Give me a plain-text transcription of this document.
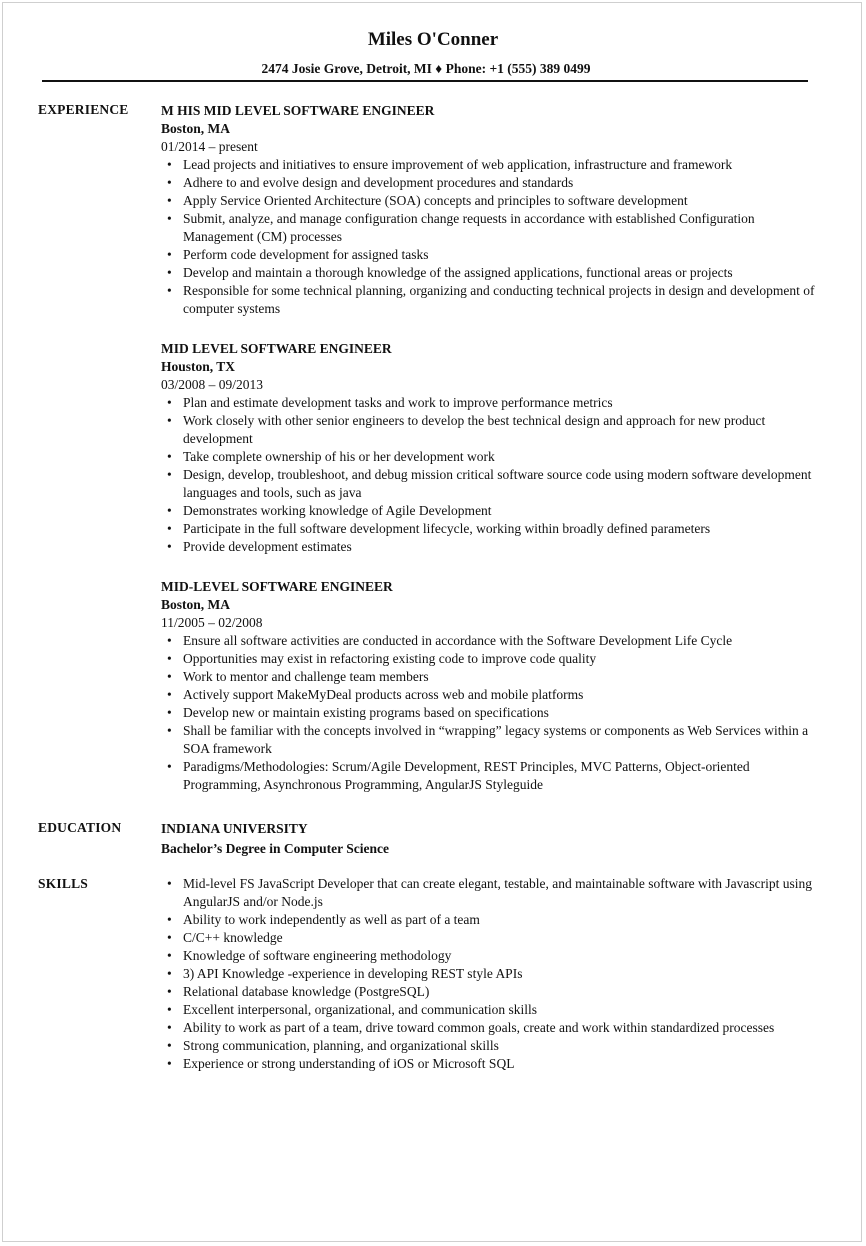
Miles O'Conner
2474 Josie Grove, Detroit, MI ♦ Phone: +1 (555) 389 0499
EXPERIENCE M HIS MID LEVEL SOFTWARE ENGINEER
Boston, MA
01/2014 – present
• Lead projects and initiatives to ensure improvement of web application, infrastructure and framework
• Adhere to and evolve design and development procedures and standards
• Apply Service Oriented Architecture (SOA) concepts and principles to software development
• Submit, analyze, and manage configuration change requests in accordance with established Configuration Management (CM) processes
• Perform code development for assigned tasks
• Develop and maintain a thorough knowledge of the assigned applications, functional areas or projects
• Responsible for some technical planning, organizing and conducting technical projects in design and development of computer systems
MID LEVEL SOFTWARE ENGINEER
Houston, TX
03/2008 – 09/2013
• Plan and estimate development tasks and work to improve performance metrics
• Work closely with other senior engineers to develop the best technical design and approach for new product development
• Take complete ownership of his or her development work
• Design, develop, troubleshoot, and debug mission critical software source code using modern software development languages and tools, such as java
• Demonstrates working knowledge of Agile Development
• Participate in the full software development lifecycle, working within broadly defined parameters
• Provide development estimates
MID-LEVEL SOFTWARE ENGINEER
Boston, MA
11/2005 – 02/2008
• Ensure all software activities are conducted in accordance with the Software Development Life Cycle
• Opportunities may exist in refactoring existing code to improve code quality
• Work to mentor and challenge team members
• Actively support MakeMyDeal products across web and mobile platforms
• Develop new or maintain existing programs based on specifications
• Shall be familiar with the concepts involved in “wrapping” legacy systems or components as Web Services within a SOA framework
• Paradigms/Methodologies: Scrum/Agile Development, REST Principles, MVC Patterns, Object-oriented Programming, Asynchronous Programming, AngularJS Styleguide
EDUCATION	INDIANA UNIVERSITY
Bachelor’s Degree in Computer Science
SKILLS
•	Mid-level FS JavaScript Developer that can create elegant, testable, and maintainable software with Javascript using AngularJS and/or Node.js
• Ability to work independently as well as part of a team
• C/C++ knowledge
• Knowledge of software engineering methodology
• 3) API Knowledge -experience in developing REST style APIs
• Relational database knowledge (PostgreSQL)
• Excellent interpersonal, organizational, and communication skills
• Ability to work as part of a team, drive toward common goals, create and work within standardized processes
• Strong communication, planning, and organizational skills
• Experience or strong understanding of iOS or Microsoft SQL
